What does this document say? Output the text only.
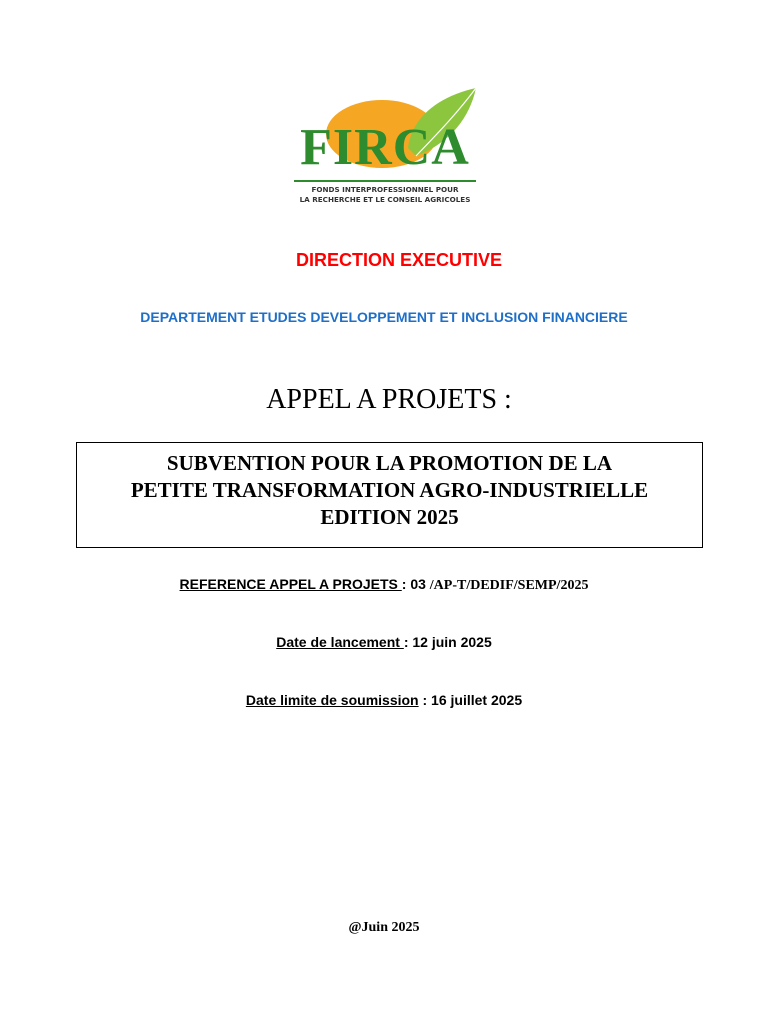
FIRCA
FONDS INTERPROFESSIONNEL POUR
LA RECHERCHE ET LE CONSEIL AGRICOLES
DIRECTION EXECUTIVE
DEPARTEMENT ETUDES DEVELOPPEMENT ET INCLUSION FINANCIERE
APPEL A PROJETS :
SUBVENTION POUR LA PROMOTION DE LA
PETITE TRANSFORMATION AGRO-INDUSTRIELLE
EDITION 2025
REFERENCE APPEL A PROJETS : 03 /AP-T/DEDIF/SEMP/2025
Date de lancement : 12 juin 2025
Date limite de soumission : 16 juillet 2025
@Juin 2025
